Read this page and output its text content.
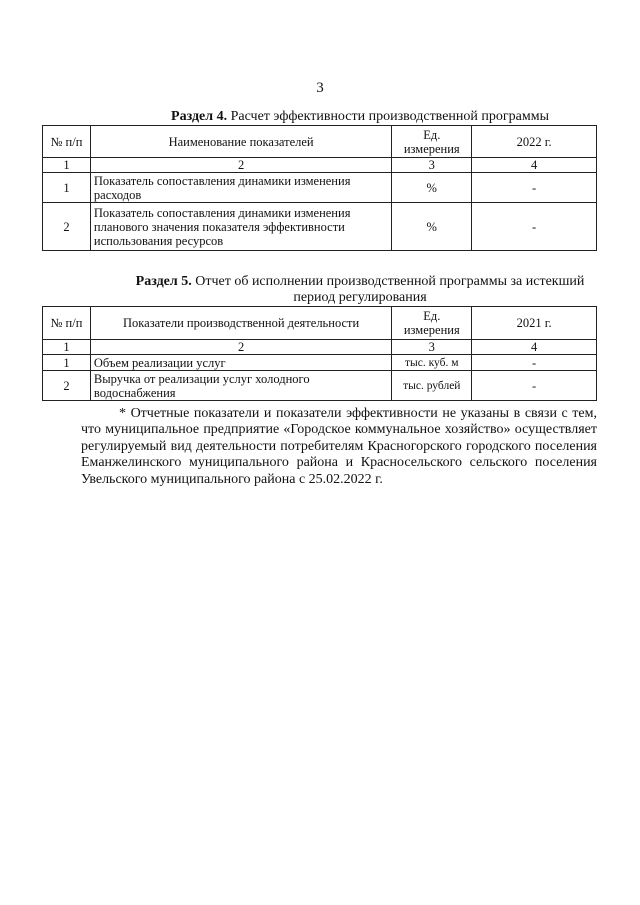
3
Раздел 4. Расчет эффективности производственной программы
№ п/п	Наименование показателей	Ед. измерения	2022 г.
1	2	3	4
1	Показатель сопоставления динамики изменения расходов	%	-
2	Показатель сопоставления динамики изменения планового значения показателя эффективности использования ресурсов	%	-
Раздел 5. Отчет об исполнении производственной программы за истекший период регулирования
№ п/п	Показатели производственной деятельности	Ед. измерения	2021 г.
1	2	3	4
1	Объем реализации услуг	тыс. куб. м	-
2	Выручка от реализации услуг холодного водоснабжения	тыс. рублей	-

* Отчетные показатели и показатели эффективности не указаны в связи с тем, что муниципальное предприятие «Городское коммунальное хозяйство» осуществляет регулируемый вид деятельности потребителям Красногорского городского поселения Еманжелинского муниципального района и Красносельского сельского поселения Увельского муниципального района с 25.02.2022 г.
